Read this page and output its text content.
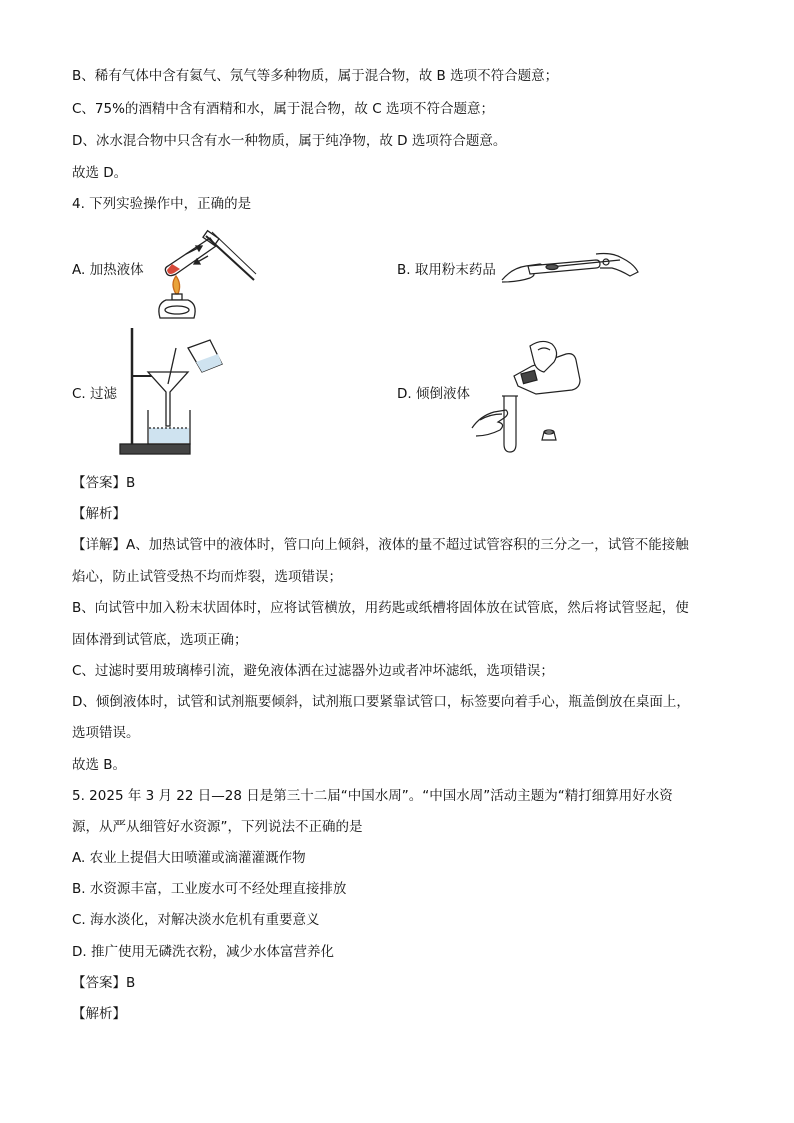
B、稀有气体中含有氦气、氖气等多种物质，属于混合物，故 B 选项不符合题意；
C、75%的酒精中含有酒精和水，属于混合物，故 C 选项不符合题意；
D、冰水混合物中只含有水一种物质，属于纯净物，故 D 选项符合题意。
故选 D。
4. 下列实验操作中，正确的是
A. 加热液体	B. 取用粉末药品
C. 过滤	D. 倾倒液体
【答案】B
【解析】
【详解】A、加热试管中的液体时，管口向上倾斜，液体的量不超过试管容积的三分之一，试管不能接触
焰心，防止试管受热不均而炸裂，选项错误；
B、向试管中加入粉末状固体时，应将试管横放，用药匙或纸槽将固体放在试管底，然后将试管竖起，使
固体滑到试管底，选项正确；
C、过滤时要用玻璃棒引流，避免液体洒在过滤器外边或者冲坏滤纸，选项错误；
D、倾倒液体时，试管和试剂瓶要倾斜，试剂瓶口要紧靠试管口，标签要向着手心，瓶盖倒放在桌面上，
选项错误。
故选 B。
5. 2025 年 3 月 22 日—28 日是第三十二届“中国水周”。“中国水周”活动主题为“精打细算用好水资
源，从严从细管好水资源”，下列说法不正确的是
A. 农业上提倡大田喷灌或滴灌灌溉作物
B. 水资源丰富，工业废水可不经处理直接排放
C. 海水淡化，对解决淡水危机有重要意义
D. 推广使用无磷洗衣粉，减少水体富营养化
【答案】B
【解析】
